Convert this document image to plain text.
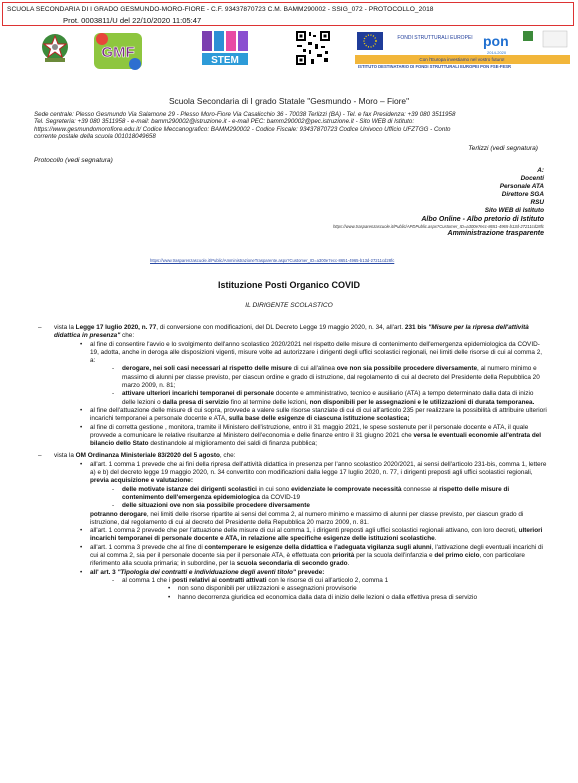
SCUOLA SECONDARIA DI I GRADO GESMUNDO-MORO-FIORE - C.F. 93437870723 C.M. BAMM290002 - SSIG_072 - PROTOCOLLO_2018
Prot. 0003811/U del 22/10/2020 11:05:47
GMF	STEM
FONDI STRUTTURALI EUROPEI pon
2014-2020
Con l'Europa investiamo nel vostro futuro!
ISTITUTO DESTINATARIO DI FONDI STRUTTURALI EUROPEI PON FSE-FESR
Scuola Secondaria di I grado Statale "Gesmundo - Moro – Fiore"
Sede centrale: Plesso Gesmundo Via Salamone 29 - Plesso Moro-Fiore Via Casalicchio 36 - 70038 Terlizzi (BA) - Tel. e fax Presidenza: +39 080 3511958
Tel. Segreteria: +39 080 3511958 - e-mail: bamm290002@istruzione.it - e-mail PEC: bamm290002@pec.istruzione.it - Sito WEB di Istituto:
https://www.gesmundomorofiore.edu.it/ Codice Meccanografico: BAMM290002 - Codice Fiscale: 93437870723 Codice Univoco Ufficio UFZTGG - Conto
corrente postale della scuola 001018049658
Terlizzi (vedi segnatura)
Protocollo (vedi segnatura)
A:
Docenti
Personale ATA
Direttore SGA
RSU
Sito WEB di Istituto
Albo Online - Albo pretorio di Istituto
https://www.trasparenzascuole.it/Public/APDPublic.aspx?Customer_ID=a300e7ecc-8651-4965-b13d-27211cd28fc
Amministrazione trasparente
https://www.trasparenzascuole.it/Public/AmministrazioneTrasparente.aspx?Customer_ID=a300e7ecc-8651-4965-b13d-27211cd28fc
Istituzione Posti Organico COVID
IL DIRIGENTE SCOLASTICO

– vista la Legge 17 luglio 2020, n. 77, di conversione con modificazioni, del DL Decreto Legge 19 maggio 2020, n. 34, all'art. 231 bis "Misure per la ripresa dell'attività didattica in presenza" che:

• al fine di consentire l'avvio e lo svolgimento dell'anno scolastico 2020/2021 nel rispetto delle misure di contenimento dell'emergenza epidemiologica da COVID-19, adotta, anche in deroga alle disposizioni vigenti, misure volte ad autorizzare i dirigenti degli uffici scolastici regionali, nei limiti delle risorse di cui al comma 2, a:

- derogare, nei soli casi necessari al rispetto delle misure di cui all'alinea ove non sia possibile procedere diversamente, al numero minimo e massimo di alunni per classe previsto, per ciascun ordine e grado di istruzione, dal regolamento di cui al decreto del Presidente della Repubblica 20 marzo 2009, n. 81;

- attivare ulteriori incarichi temporanei di personale docente e amministrativo, tecnico e ausiliario (ATA) a tempo determinato dalla data di inizio delle lezioni o dalla presa di servizio fino al termine delle lezioni, non disponibili per le assegnazioni e le utilizzazioni di durata temporanea.

• al fine dell'attuazione delle misure di cui sopra, provvede a valere sulle risorse stanziate di cui di cui all'articolo 235 per realizzare la possibilità di attribuire ulteriori incarichi temporanei a personale docente e ATA, sulla base delle esigenze di ciascuna istituzione scolastica;

• al fine di corretta gestione , monitora, tramite il Ministero dell'istruzione, entro il 31 maggio 2021, le spese sostenute per il personale docente e ATA, il quale provvede a comunicare le relative risultanze al Ministero dell'economia e delle finanze entro il 31 giugno 2021 che versa le eventuali economie all'entrata del bilancio dello Stato destinandole al miglioramento dei saldi di finanza pubblica;

– vista la OM Ordinanza Ministeriale 83/2020 del 5 agosto, che:

• all'art. 1 comma 1 prevede che ai fini della ripresa dell'attività didattica in presenza per l'anno scolastico 2020/2021, ai sensi dell'articolo 231-bis, comma 1, lettere a) e b) del decreto legge 19 maggio 2020, n. 34 convertito con modificazioni dalla legge 17 luglio 2020, n. 77, i dirigenti preposti agli uffici scolastici regionali, previa acquisizione e valutazione:

- delle motivate istanze dei dirigenti scolastici in cui sono evidenziate le comprovate necessità connesse al rispetto delle misure di contenimento dell'emergenza epidemiologica da COVID-19

- delle situazioni ove non sia possibile procedere diversamente

potranno derogare, nei limiti delle risorse ripartite ai sensi del comma 2, al numero minimo e massimo di alunni per classe previsto, per ciascun grado di istruzione, dal regolamento di cui al decreto del Presidente della Repubblica 20 marzo 2009, n. 81.

• all'art. 1 comma 2 prevede che per l'attuazione delle misure di cui al comma 1, i dirigenti preposti agli uffici scolastici regionali attivano, con loro decreti, ulteriori incarichi temporanei di personale docente e ATA, in relazione alle specifiche esigenze delle istituzioni scolastiche.

• all'art. 1 comma 3 prevede che al fine di contemperare le esigenze della didattica e l'adeguata vigilanza sugli alunni, l'attivazione degli eventuali incarichi di cui al comma 2, sia per il personale docente sia per il personale ATA, è effettuata con priorità per la scuola dell'infanzia e del primo ciclo, con particolare riferimento alla scuola primaria; in subordine, per la scuola secondaria di secondo grado.

• all' art. 3 "Tipologia dei contratti e individuazione degli aventi titolo" prevede:

- al comma 1 che i posti relativi ai contratti attivati con le risorse di cui all'articolo 2, comma 1

• non sono disponibili per utilizzazioni e assegnazioni provvisorie

• hanno decorrenza giuridica ed economica dalla data di inizio delle lezioni o dalla effettiva presa di servizio
